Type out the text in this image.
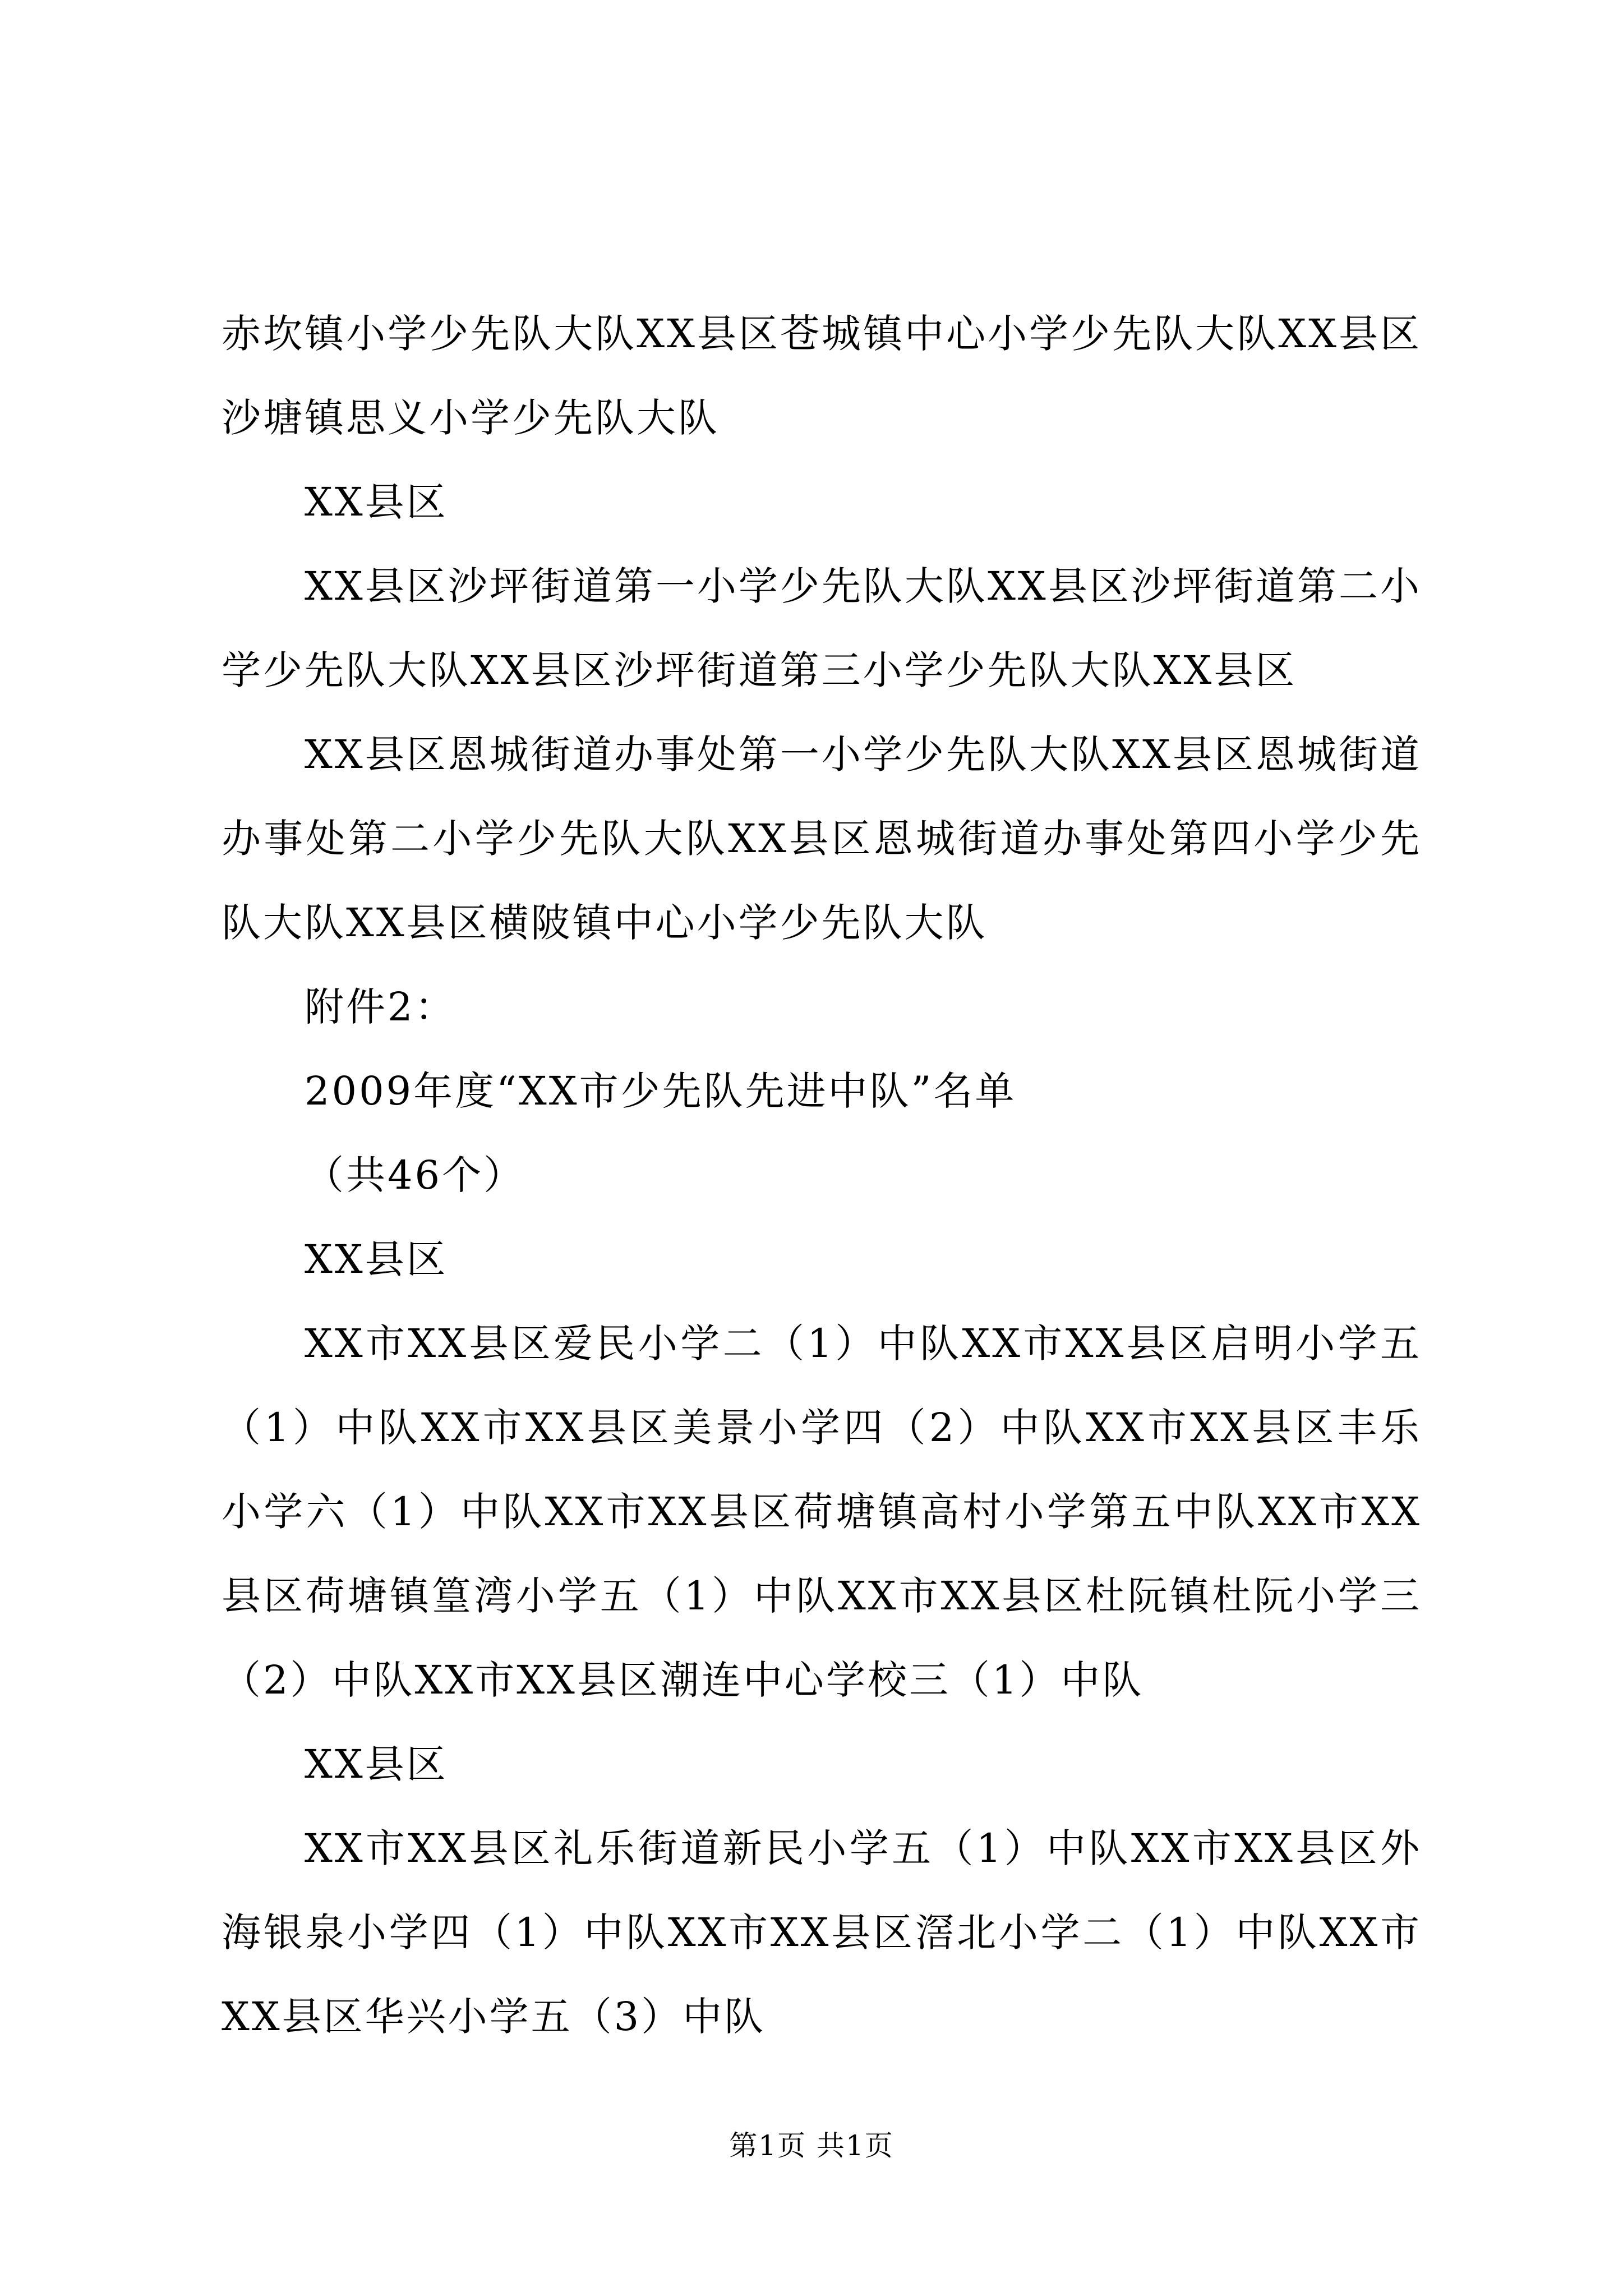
赤坎镇小学少先队大队XX县区苍城镇中心小学少先队大队XX县区沙塘镇思义小学少先队大队

XX县区

XX县区沙坪街道第一小学少先队大队XX县区沙坪街道第二小学少先队大队XX县区沙坪街道第三小学少先队大队XX县区

XX县区恩城街道办事处第一小学少先队大队XX县区恩城街道办事处第二小学少先队大队XX县区恩城街道办事处第四小学少先队大队XX县区横陂镇中心小学少先队大队

附件2：

2009年度“XX市少先队先进中队”名单

（共46个）

XX县区

XX市XX县区爱民小学二（1）中队XX市XX县区启明小学五（1）中队XX市XX县区美景小学四（2）中队XX市XX县区丰乐小学六（1）中队XX市XX县区荷塘镇高村小学第五中队XX市XX县区荷塘镇篁湾小学五（1）中队XX市XX县区杜阮镇杜阮小学三（2）中队XX市XX县区潮连中心学校三（1）中队

XX县区

XX市XX县区礼乐街道新民小学五（1）中队XX市XX县区外海银泉小学四（1）中队XX市XX县区滘北小学二（1）中队XX市XX县区华兴小学五（3）中队

第1页 共1页
